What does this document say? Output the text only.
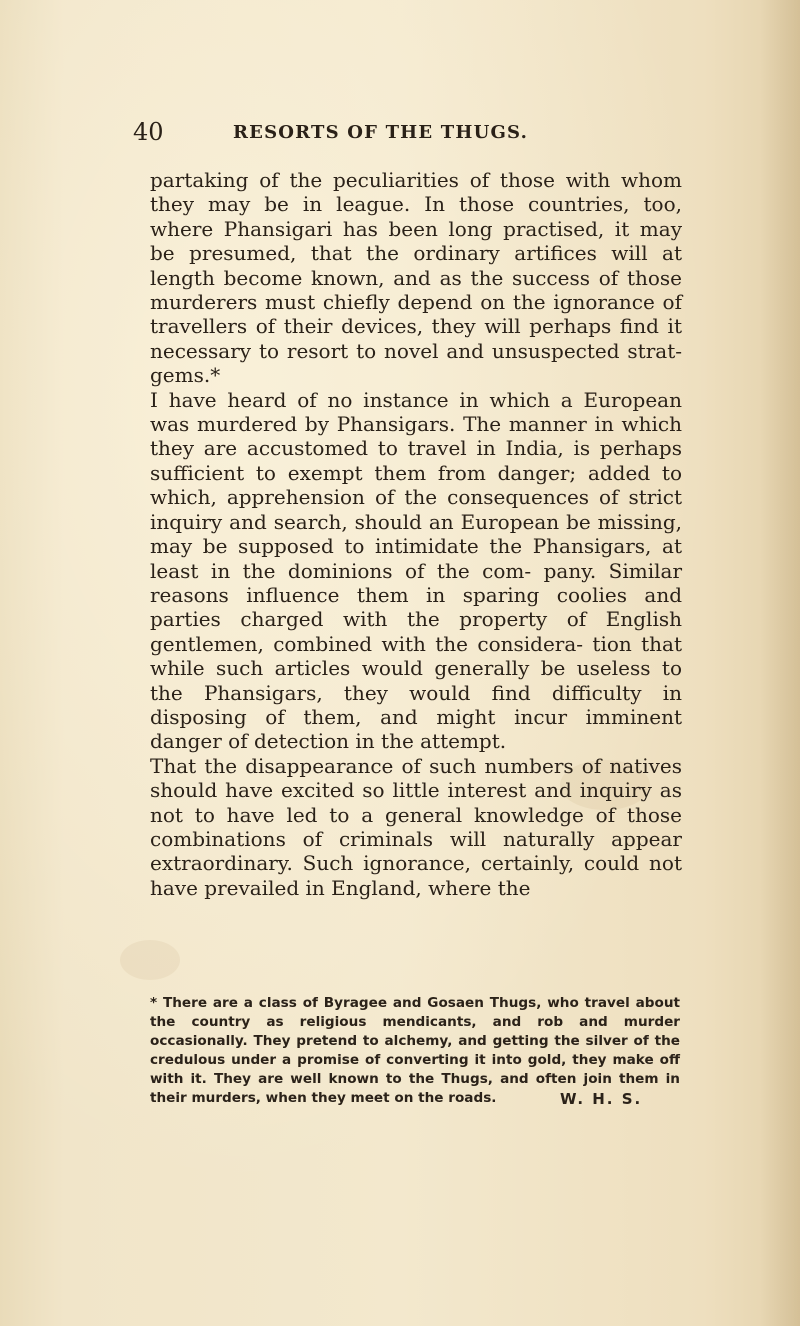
40	RESORTS OF THE THUGS.

partaking of the peculiarities of those with whom they may be in league. In those countries, too, where Phansigari has been long practised, it may be presumed, that the ordinary artifices will at length become known, and as the success of those murderers must chiefly depend on the ignorance of travellers of their devices, they will perhaps find it necessary to resort to novel and unsuspected strat- gems.*

I have heard of no instance in which a European was murdered by Phansigars. The manner in which they are accustomed to travel in India, is perhaps sufficient to exempt them from danger; added to which, apprehension of the consequences of strict inquiry and search, should an European be missing, may be supposed to intimidate the Phansigars, at least in the dominions of the com- pany. Similar reasons influence them in sparing coolies and parties charged with the property of English gentlemen, combined with the considera- tion that while such articles would generally be useless to the Phansigars, they would find difficulty in disposing of them, and might incur imminent danger of detection in the attempt.

That the disappearance of such numbers of natives should have excited so little interest and inquiry as not to have led to a general knowledge of those combinations of criminals will naturally appear extraordinary. Such ignorance, certainly, could not have prevailed in England, where the

* There are a class of Byragee and Gosaen Thugs, who travel about the country as religious mendicants, and rob and murder occasionally. They pretend to alchemy, and getting the silver of the credulous under a promise of converting it into gold, they make off with it. They are well known to the Thugs, and often join them in their murders, when they meet on the roads.	W. H. S.
